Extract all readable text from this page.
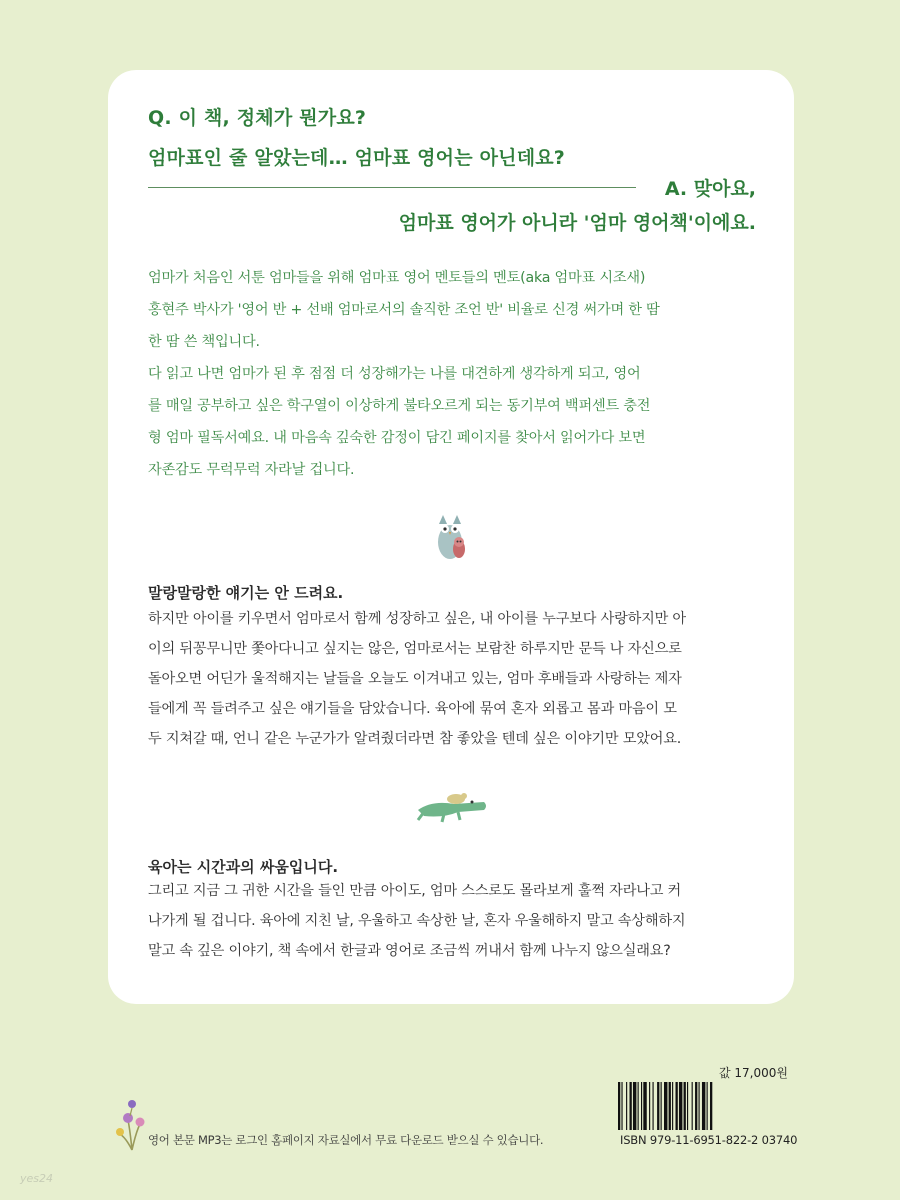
Q. 이 책, 정체가 뭔가요?
엄마표인 줄 알았는데… 엄마표 영어는 아닌데요?
A. 맞아요,
엄마표 영어가 아니라 '엄마 영어책'이에요.
엄마가 처음인 서툰 엄마들을 위해 엄마표 영어 멘토들의 멘토(aka 엄마표 시조새)
홍현주 박사가 '영어 반 + 선배 엄마로서의 솔직한 조언 반' 비율로 신경 써가며 한 땀
한 땀 쓴 책입니다.
다 읽고 나면 엄마가 된 후 점점 더 성장해가는 나를 대견하게 생각하게 되고, 영어
를 매일 공부하고 싶은 학구열이 이상하게 불타오르게 되는 동기부여 백퍼센트 충전
형 엄마 필독서예요. 내 마음속 깊숙한 감정이 담긴 페이지를 찾아서 읽어가다 보면
자존감도 무럭무럭 자라날 겁니다.
말랑말랑한 얘기는 안 드려요.
하지만 아이를 키우면서 엄마로서 함께 성장하고 싶은, 내 아이를 누구보다 사랑하지만 아
이의 뒤꽁무니만 쫓아다니고 싶지는 않은, 엄마로서는 보람찬 하루지만 문득 나 자신으로
돌아오면 어딘가 울적해지는 날들을 오늘도 이겨내고 있는, 엄마 후배들과 사랑하는 제자
들에게 꼭 들려주고 싶은 얘기들을 담았습니다. 육아에 묶여 혼자 외롭고 몸과 마음이 모
두 지쳐갈 때, 언니 같은 누군가가 알려줬더라면 참 좋았을 텐데 싶은 이야기만 모았어요.
육아는 시간과의 싸움입니다.
그리고 지금 그 귀한 시간을 들인 만큼 아이도, 엄마 스스로도 몰라보게 훌쩍 자라나고 커
나가게 될 겁니다. 육아에 지친 날, 우울하고 속상한 날, 혼자 우울해하지 말고 속상해하지
말고 속 깊은 이야기, 책 속에서 한글과 영어로 조금씩 꺼내서 함께 나누지 않으실래요?
영어 본문 MP3는 로그인 홈페이지 자료실에서 무료 다운로드 받으실 수 있습니다.
값 17,000원
ISBN 979-11-6951-822-2 03740
yes24
